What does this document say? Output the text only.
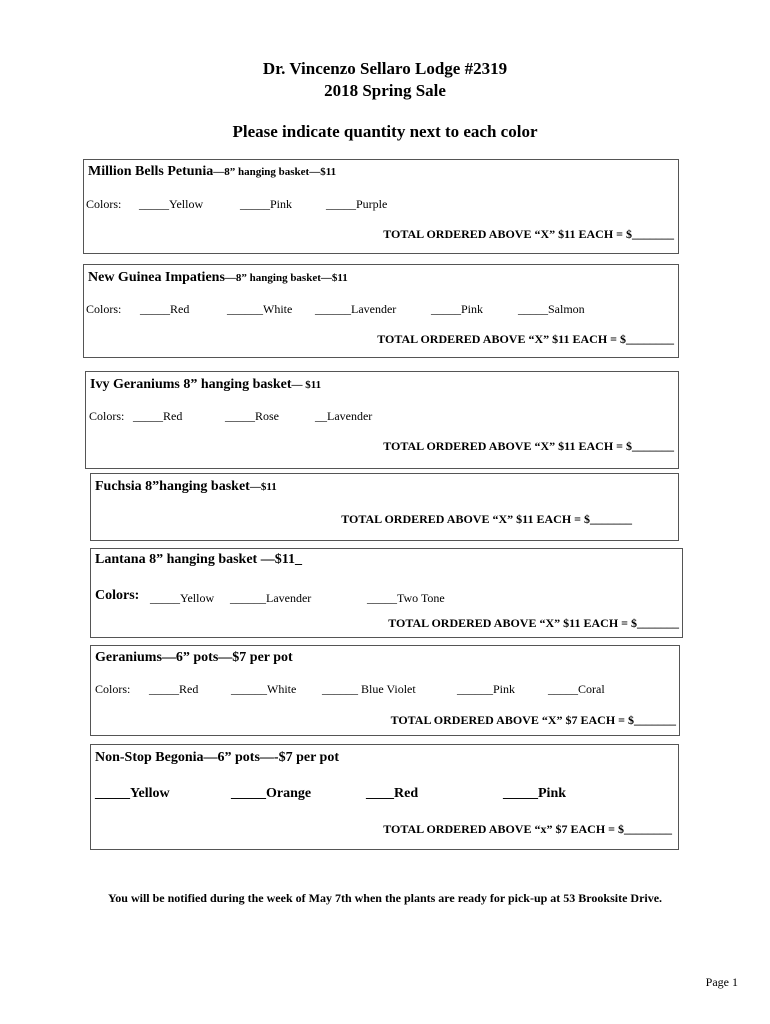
Dr. Vincenzo Sellaro Lodge #2319
2018 Spring Sale
Please indicate quantity next to each color
Million Bells Petunia—8” hanging basket—$11
Colors: _____Yellow	_____Pink	_____Purple
TOTAL ORDERED ABOVE “X” $11 EACH = $_______
New Guinea Impatiens—8” hanging basket—$11
Colors: _____Red	______White ______Lavender	_____Pink	_____Salmon
TOTAL ORDERED ABOVE “X” $11 EACH = $________
Ivy Geraniums 8” hanging basket— $11
Colors: _____Red	_____Rose	__Lavender
TOTAL ORDERED ABOVE “X” $11 EACH = $_______
Fuchsia 8”hanging basket—$11
TOTAL ORDERED ABOVE “X” $11 EACH = $_______
Lantana 8” hanging basket —$11_
Colors: _____Yellow ______Lavender	_____Two Tone
TOTAL ORDERED ABOVE “X” $11 EACH = $_______
Geraniums—6” pots—$7 per pot
Colors: _____Red	______White ______ Blue Violet	______Pink	_____Coral
TOTAL ORDERED ABOVE “X” $7 EACH = $_______
Non-Stop Begonia—6” pots—-$7 per pot
_____Yellow	_____Orange	____Red	_____Pink
TOTAL ORDERED ABOVE “x” $7 EACH = $________
You will be notified during the week of May 7th when the plants are ready for pick-up at 53 Brooksite Drive.
Page 1
